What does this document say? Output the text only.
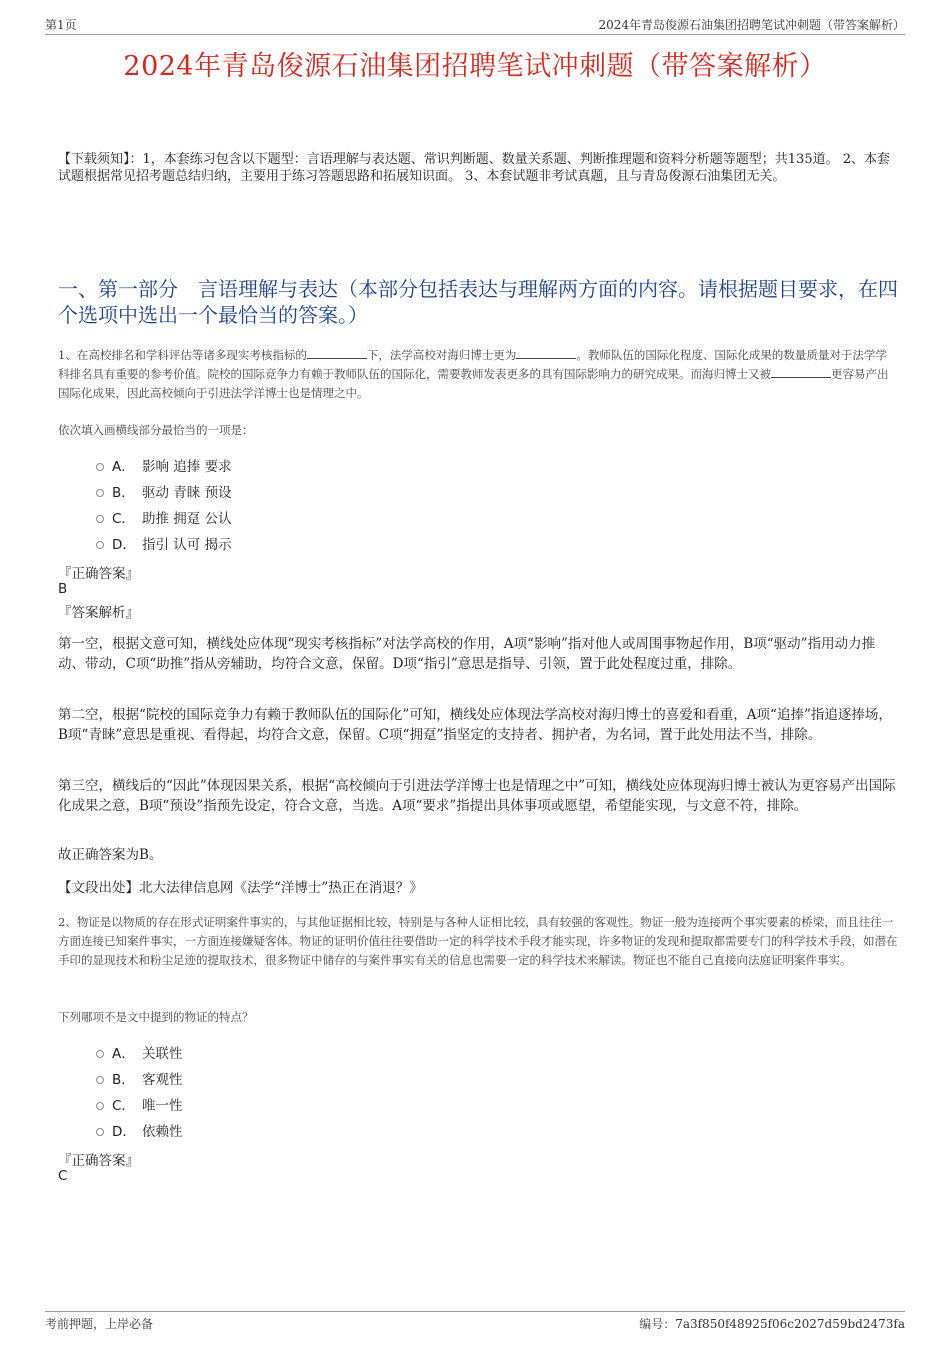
第1页	2024年青岛俊源石油集团招聘笔试冲刺题（带答案解析）
2024年青岛俊源石油集团招聘笔试冲刺题（带答案解析）
【下载须知】：1，本套练习包含以下题型：言语理解与表达题、常识判断题、数量关系题、判断推理题和资料分析题等题型；共135道。 2、本套试题根据常见招考题总结归纳，主要用于练习答题思路和拓展知识面。 3、本套试题非考试真题，且与青岛俊源石油集团无关。
一、第一部分　言语理解与表达（本部分包括表达与理解两方面的内容。请根据题目要求，在四个选项中选出一个最恰当的答案。）
1、在高校排名和学科评估等诸多现实考核指标的	下，法学高校对海归博士更为	。教师队伍的国际化程度、国际化成果的数量质量对于法学学科排名具有重要的参考价值。院校的国际竞争力有赖于教师队伍的国际化，需要教师发表更多的具有国际影响力的研究成果。而海归博士又被	更容易产出国际化成果，因此高校倾向于引进法学洋博士也是情理之中。
依次填入画横线部分最恰当的一项是：
A． 影响 追捧 要求
B． 驱动 青睐 预设
C． 助推 拥趸 公认
D． 指引 认可 揭示
『正确答案』
B
『答案解析』
第一空，根据文意可知，横线处应体现“现实考核指标”对法学高校的作用，A项“影响”指对他人或周围事物起作用，B项“驱动”指用动力推动、带动，C项“助推”指从旁辅助，均符合文意，保留。D项“指引”意思是指导、引领，置于此处程度过重，排除。
第二空，根据“院校的国际竞争力有赖于教师队伍的国际化”可知，横线处应体现法学高校对海归博士的喜爱和看重，A项“追捧”指追逐捧场，B项“青睐”意思是重视、看得起，均符合文意，保留。C项“拥趸”指坚定的支持者、拥护者，为名词，置于此处用法不当，排除。
第三空，横线后的“因此”体现因果关系，根据“高校倾向于引进法学洋博士也是情理之中”可知，横线处应体现海归博士被认为更容易产出国际化成果之意，B项“预设”指预先设定，符合文意，当选。A项“要求”指提出具体事项或愿望，希望能实现，与文意不符，排除。
故正确答案为B。
【文段出处】北大法律信息网《法学“洋博士”热正在消退？》
2、物证是以物质的存在形式证明案件事实的，与其他证据相比较，特别是与各种人证相比较，具有较强的客观性。物证一般为连接两个事实要素的桥梁，而且往往一方面连接已知案件事实，一方面连接嫌疑客体。物证的证明价值往往要借助一定的科学技术手段才能实现，许多物证的发现和提取都需要专门的科学技术手段，如潜在手印的显现技术和粉尘足迹的提取技术，很多物证中储存的与案件事实有关的信息也需要一定的科学技术来解读。物证也不能自己直接向法庭证明案件事实。
下列哪项不是文中提到的物证的特点？
A． 关联性
B． 客观性
C． 唯一性
D． 依赖性
『正确答案』
C
考前押题，上岸必备	编号：7a3f850f48925f06c2027d59bd2473fa
